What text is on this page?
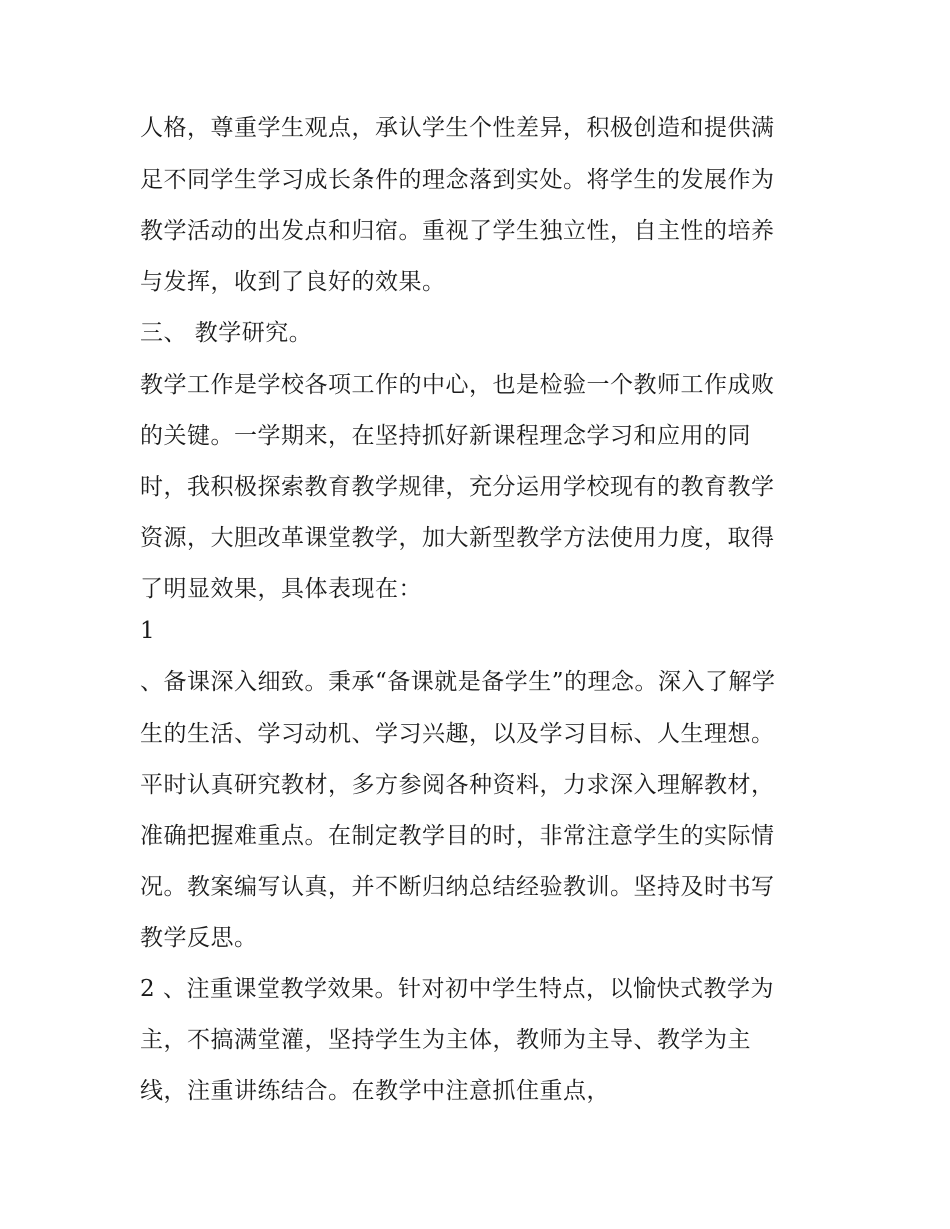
人格，尊重学生观点，承认学生个性差异，积极创造和提供满
足不同学生学习成长条件的理念落到实处。将学生的发展作为
教学活动的出发点和归宿。重视了学生独立性，自主性的培养
与发挥，收到了良好的效果。
三、 教学研究。
教学工作是学校各项工作的中心，也是检验一个教师工作成败
的关键。一学期来，在坚持抓好新课程理念学习和应用的同
时，我积极探索教育教学规律，充分运用学校现有的教育教学
资源，大胆改革课堂教学，加大新型教学方法使用力度，取得
了明显效果，具体表现在：
1
、备课深入细致。秉承“备课就是备学生”的理念。深入了解学
生的生活、学习动机、学习兴趣，以及学习目标、人生理想。
平时认真研究教材，多方参阅各种资料，力求深入理解教材，
准确把握难重点。在制定教学目的时，非常注意学生的实际情
况。教案编写认真，并不断归纳总结经验教训。坚持及时书写
教学反思。
2 、注重课堂教学效果。针对初中学生特点，以愉快式教学为
主，不搞满堂灌，坚持学生为主体，教师为主导、教学为主
线，注重讲练结合。在教学中注意抓住重点，
